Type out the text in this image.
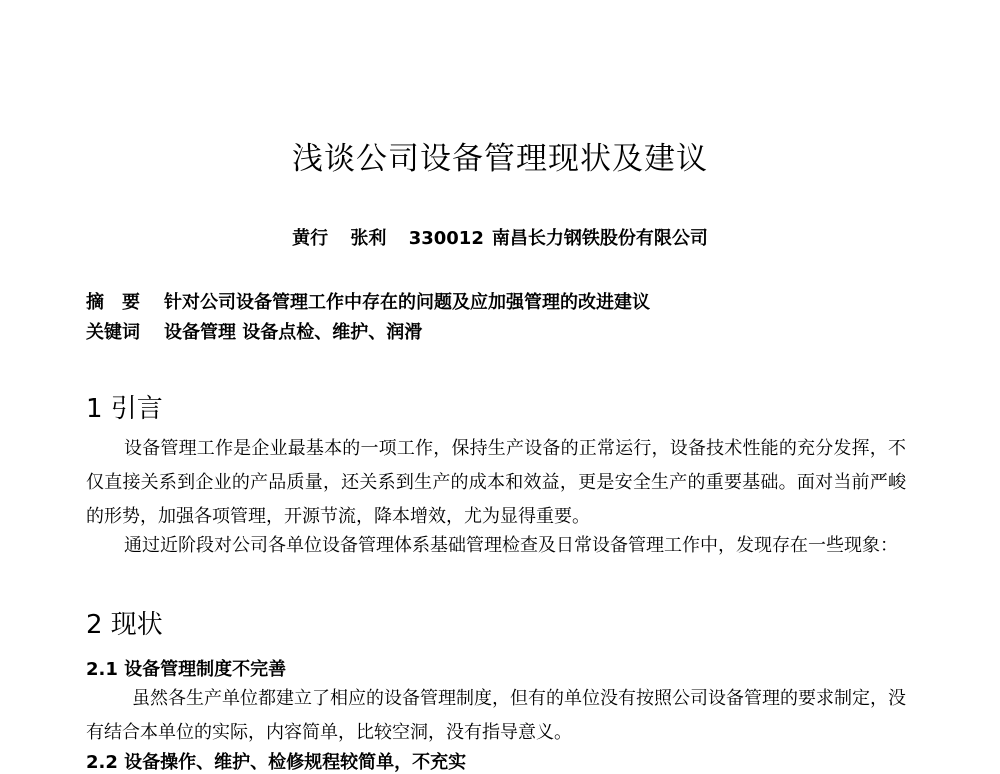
浅谈公司设备管理现状及建议
黄行 张利 330012 南昌长力钢铁股份有限公司
摘　要 针对公司设备管理工作中存在的问题及应加强管理的改进建议
关键词 设备管理 设备点检、维护、润滑
1 引言
设备管理工作是企业最基本的一项工作，保持生产设备的正常运行，设备技术性能的充分发挥，不仅直接关系到企业的产品质量，还关系到生产的成本和效益，更是安全生产的重要基础。面对当前严峻的形势，加强各项管理，开源节流，降本增效，尤为显得重要。
通过近阶段对公司各单位设备管理体系基础管理检查及日常设备管理工作中，发现存在一些现象：
2 现状
2.1 设备管理制度不完善
虽然各生产单位都建立了相应的设备管理制度，但有的单位没有按照公司设备管理的要求制定，没有结合本单位的实际，内容简单，比较空洞，没有指导意义。
2.2 设备操作、维护、检修规程较简单，不充实
